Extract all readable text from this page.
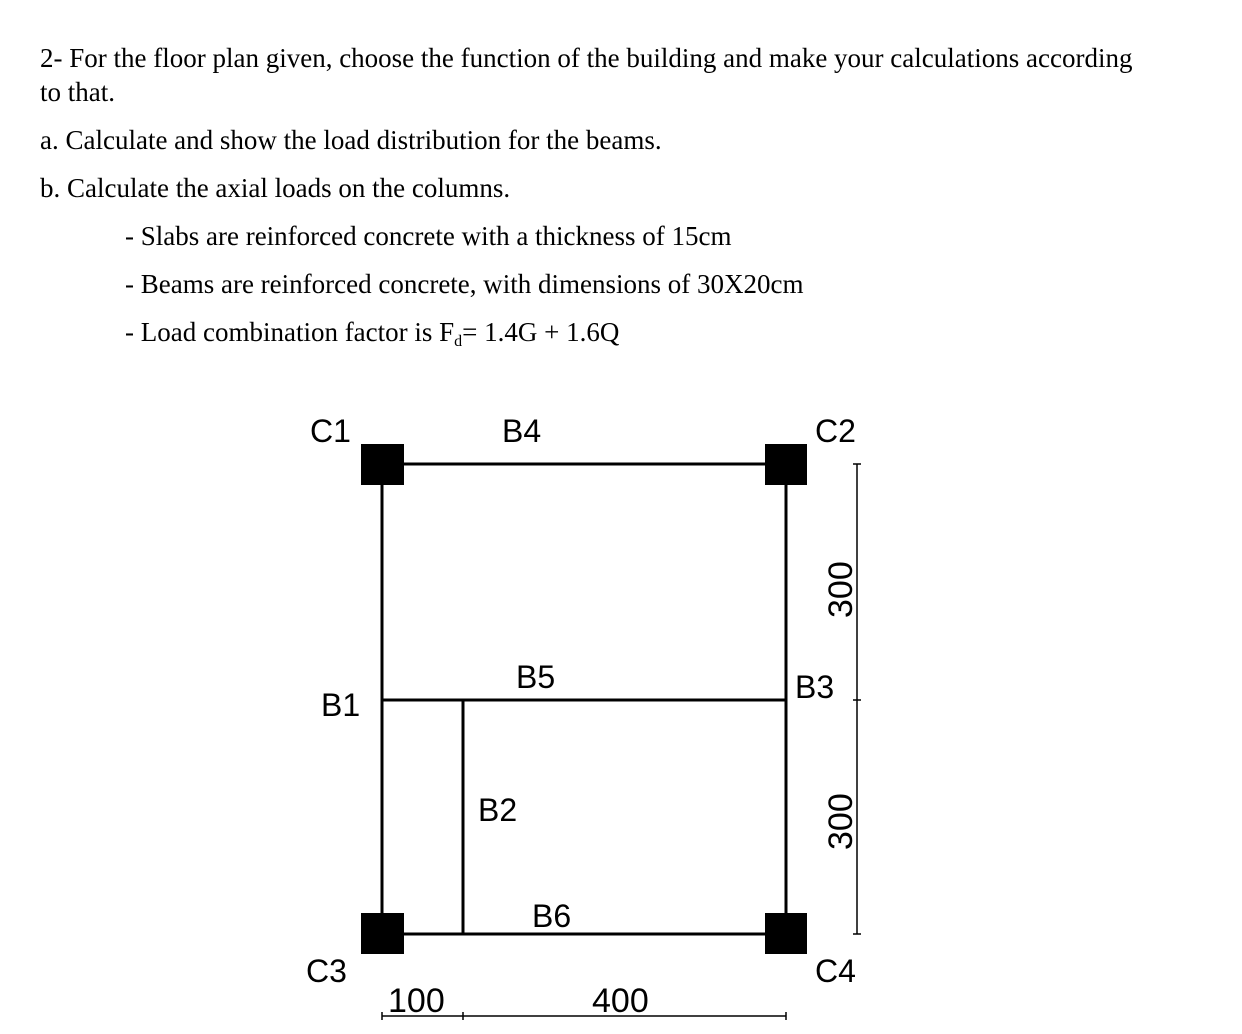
2- For the floor plan given, choose the function of the building and make your calculations according
to that.
a. Calculate and show the load distribution for the beams.
b. Calculate the axial loads on the columns.
- Slabs are reinforced concrete with a thickness of 15cm
- Beams are reinforced concrete, with dimensions of 30X20cm
- Load combination factor is Fd= 1.4G + 1.6Q
C1	C2
C3	C4
B1
B2
B3
B4
B5
B6
100	400
300
300
